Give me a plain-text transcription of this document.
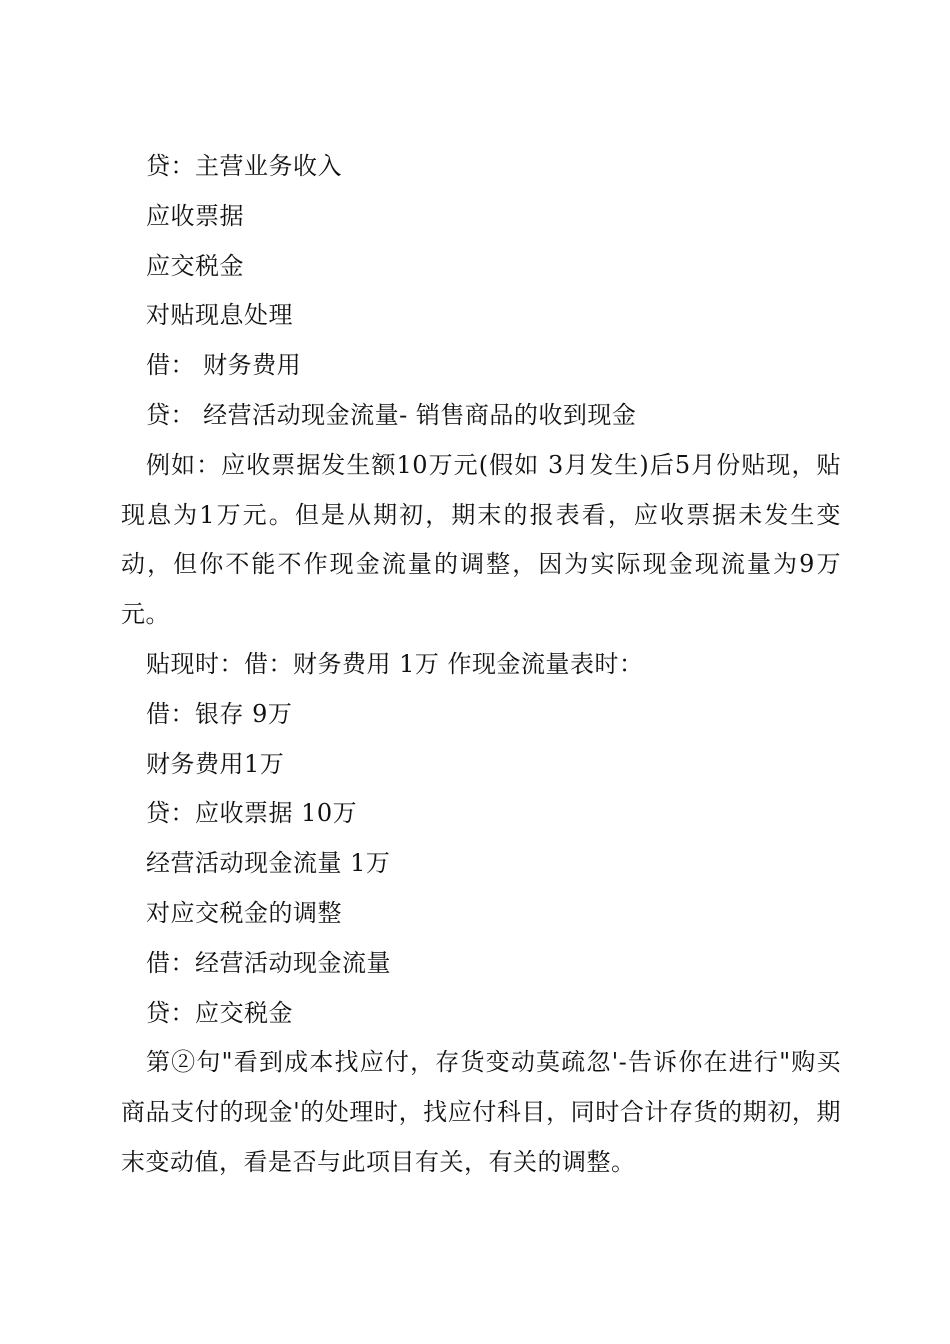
贷：主营业务收入
应收票据
应交税金
对贴现息处理
借： 财务费用
贷： 经营活动现金流量- 销售商品的收到现金
例如：应收票据发生额10万元(假如 3月发生)后5月份贴现，贴现息为1万元。但是从期初，期末的报表看，应收票据未发生变动，但你不能不作现金流量的调整，因为实际现金现流量为9万元。
贴现时：借：财务费用 1万 作现金流量表时：
借：银存 9万
财务费用1万
贷：应收票据 10万
经营活动现金流量 1万
对应交税金的调整
借：经营活动现金流量
贷：应交税金
第②句"看到成本找应付，存货变动莫疏忽'-告诉你在进行"购买商品支付的现金'的处理时，找应付科目，同时合计存货的期初，期末变动值，看是否与此项目有关，有关的调整。
